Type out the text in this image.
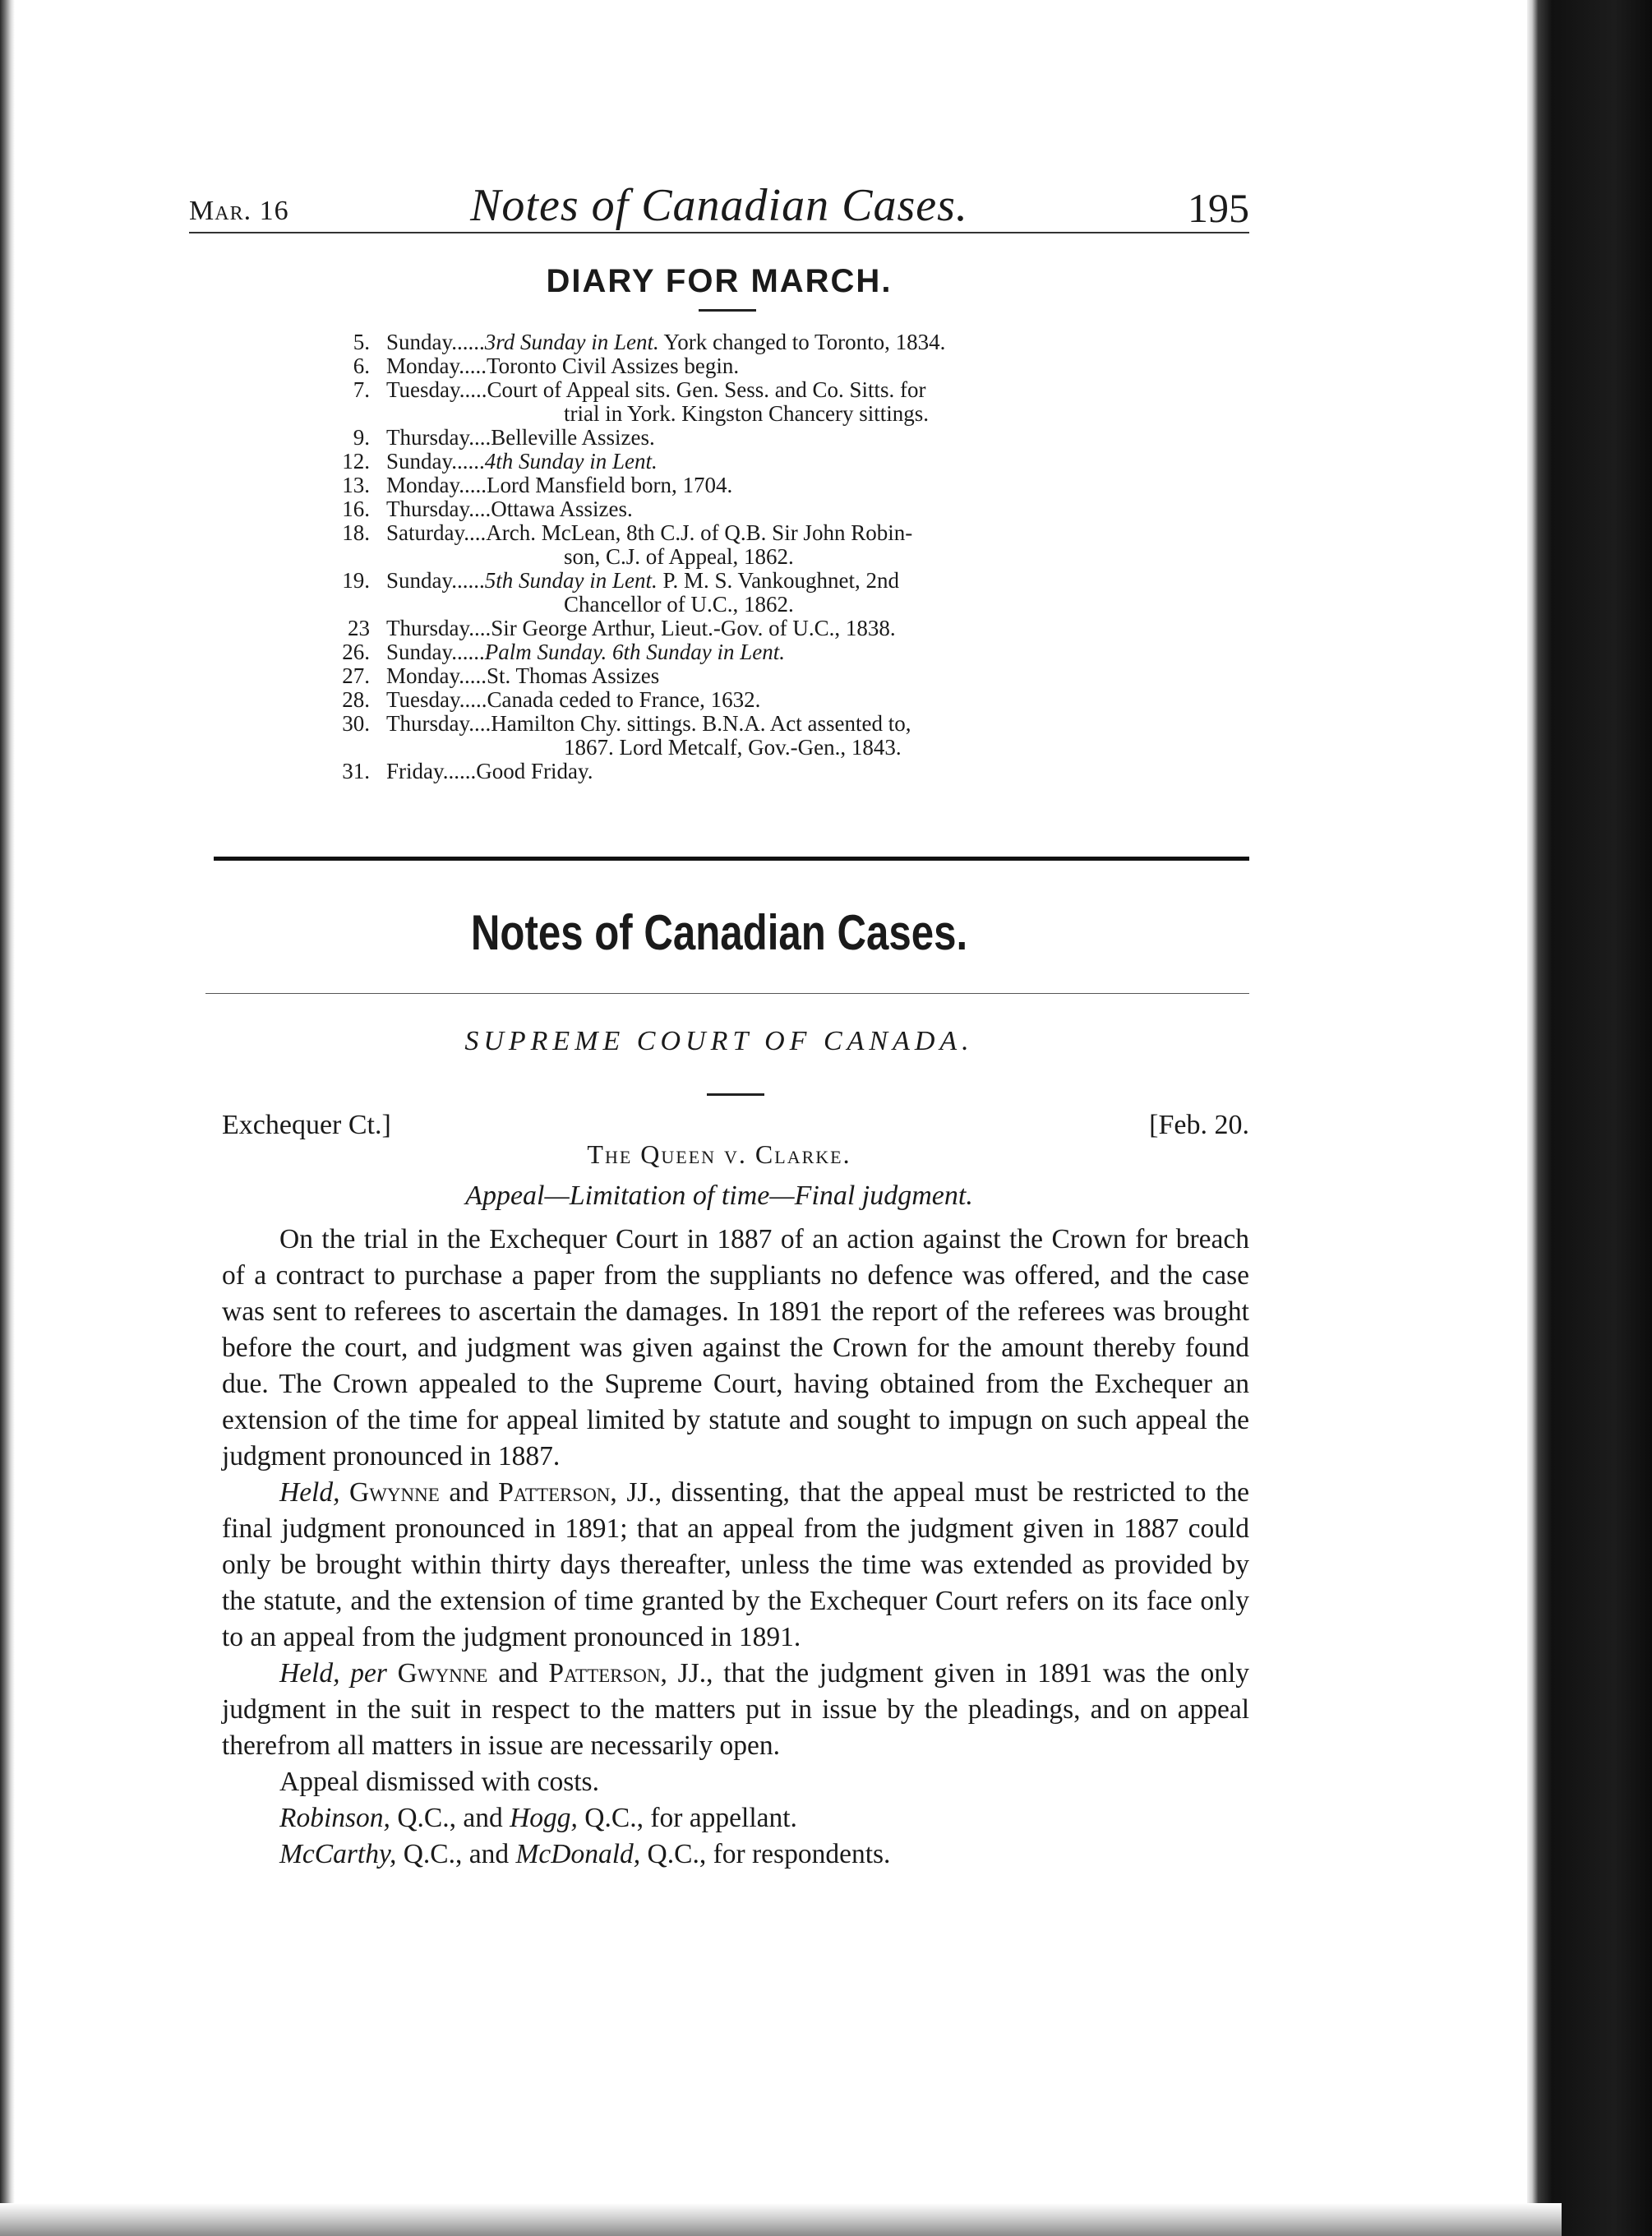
Mar. 16	Notes of Canadian Cases.	195
DIARY FOR MARCH.
5. Sunday......3rd Sunday in Lent. York changed to Toronto, 1834.
6. Monday.....Toronto Civil Assizes begin.
7. Tuesday.....Court of Appeal sits. Gen. Sess. and Co. Sitts. for
trial in York. Kingston Chancery sittings.
9. Thursday....Belleville Assizes.
12. Sunday......4th Sunday in Lent.
13. Monday.....Lord Mansfield born, 1704.
16. Thursday....Ottawa Assizes.
18. Saturday....Arch. McLean, 8th C.J. of Q.B. Sir John Robin-
son, C.J. of Appeal, 1862.
19. Sunday......5th Sunday in Lent. P. M. S. Vankoughnet, 2nd
Chancellor of U.C., 1862.
23 Thursday....Sir George Arthur, Lieut.-Gov. of U.C., 1838.
26. Sunday......Palm Sunday. 6th Sunday in Lent.
27. Monday.....St. Thomas Assizes
28. Tuesday.....Canada ceded to France, 1632.
30. Thursday....Hamilton Chy. sittings. B.N.A. Act assented to,
1867. Lord Metcalf, Gov.-Gen., 1843.
31. Friday......Good Friday.
Notes of Canadian Cases.
SUPREME COURT OF CANADA.
Exchequer Ct.]	[Feb. 20.
The Queen v. Clarke.
Appeal—Limitation of time—Final judgment.

On the trial in the Exchequer Court in 1887 of an action against the Crown for breach of a contract to purchase a paper from the suppliants no defence was offered, and the case was sent to referees to ascertain the damages. In 1891 the report of the referees was brought before the court, and judgment was given against the Crown for the amount thereby found due. The Crown appealed to the Supreme Court, having obtained from the Exchequer an extension of the time for appeal limited by statute and sought to impugn on such appeal the judgment pronounced in 1887.

Held, Gwynne and Patterson, JJ., dissenting, that the appeal must be restricted to the final judgment pronounced in 1891; that an appeal from the judgment given in 1887 could only be brought within thirty days thereafter, unless the time was extended as provided by the statute, and the extension of time granted by the Exchequer Court refers on its face only to an appeal from the judgment pronounced in 1891.

Held, per Gwynne and Patterson, JJ., that the judgment given in 1891 was the only judgment in the suit in respect to the matters put in issue by the pleadings, and on appeal therefrom all matters in issue are necessarily open.

Appeal dismissed with costs.

Robinson, Q.C., and Hogg, Q.C., for appellant.

McCarthy, Q.C., and McDonald, Q.C., for respondents.
